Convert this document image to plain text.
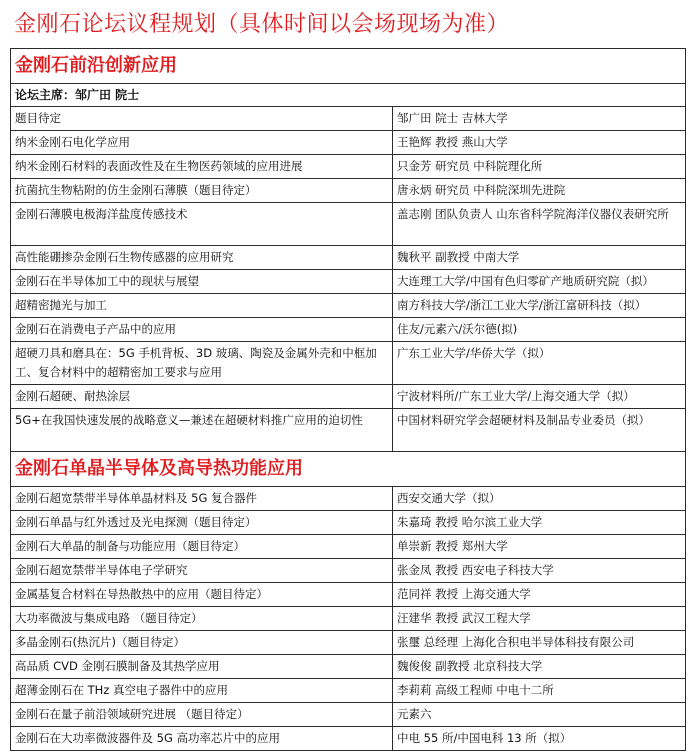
金刚石论坛议程规划（具体时间以会场现场为准）
金刚石前沿创新应用	
论坛主席：邹广田 院士	
题目待定	邹广田 院士 吉林大学
纳米金刚石电化学应用	王艳辉 教授 燕山大学
纳米金刚石材料的表面改性及在生物医药领域的应用进展	只金芳 研究员 中科院理化所
抗菌抗生物粘附的仿生金刚石薄膜（题目待定）	唐永炳 研究员 中科院深圳先进院
金刚石薄膜电极海洋盐度传感技术	盖志刚 团队负责人 山东省科学院海洋仪器仪表研究所
高性能硼掺杂金刚石生物传感器的应用研究	魏秋平 副教授 中南大学
金刚石在半导体加工中的现状与展望	大连理工大学/中国有色归零矿产地质研究院（拟）
超精密抛光与加工	南方科技大学/浙江工业大学/浙江富研科技（拟）
金刚石在消费电子产品中的应用	住友/元素六/沃尔德(拟)
超硬刀具和磨具在：5G 手机背板、3D 玻璃、陶瓷及金属外壳和中框加工、复合材料中的超精密加工要求与应用	广东工业大学/华侨大学（拟）
金刚石超硬、耐热涂层	宁波材料所/广东工业大学/上海交通大学（拟）
5G+在我国快速发展的战略意义—兼述在超硬材料推广应用的迫切性	中国材料研究学会超硬材料及制品专业委员（拟）
金刚石单晶半导体及高导热功能应用	
金刚石超宽禁带半导体单晶材料及 5G 复合器件	西安交通大学（拟）
金刚石单晶与红外透过及光电探测（题目待定）	朱嘉琦 教授 哈尔滨工业大学
金刚石大单晶的制备与功能应用（题目待定）	单崇新 教授 郑州大学
金刚石超宽禁带半导体电子学研究	张金凤 教授 西安电子科技大学
金属基复合材料在导热散热中的应用（题目待定）	范同祥 教授 上海交通大学
大功率微波与集成电路 （题目待定）	汪建华 教授 武汉工程大学
多晶金刚石(热沉片)（题目待定）	张璽 总经理 上海化合积电半导体科技有限公司
高品质 CVD 金刚石膜制备及其热学应用	魏俊俊 副教授 北京科技大学
超薄金刚石在 THz 真空电子器件中的应用	李莉莉 高级工程师 中电十二所
金刚石在量子前沿领域研究进展 （题目待定）	元素六
金刚石在大功率微波器件及 5G 高功率芯片中的应用	中电 55 所/中国电科 13 所（拟）
